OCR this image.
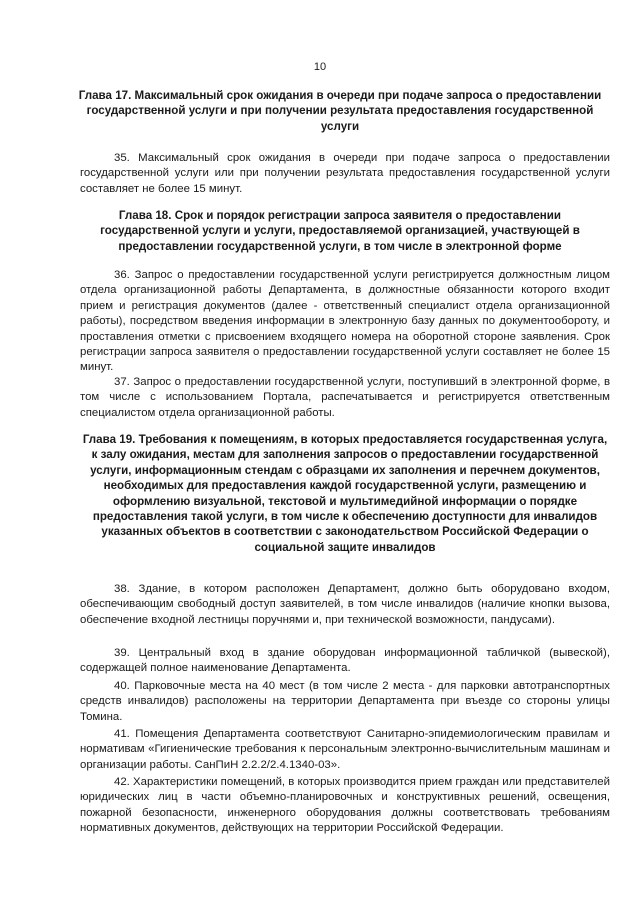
10
Глава 17. Максимальный срок ожидания в очереди при подаче запроса о предоставлении государственной услуги и при получении результата предоставления государственной услуги

35. Максимальный срок ожидания в очереди при подаче запроса о предоставлении государственной услуги или при получении результата предоставления государственной услуги составляет не более 15 минут.

Глава 18. Срок и порядок регистрации запроса заявителя о предоставлении государственной услуги и услуги, предоставляемой организацией, участвующей в предоставлении государственной услуги, в том числе в электронной форме

36. Запрос о предоставлении государственной услуги регистрируется должностным лицом отдела организационной работы Департамента, в должностные обязанности которого входит прием и регистрация документов (далее - ответственный специалист отдела организационной работы), посредством введения информации в электронную базу данных по документообороту, и проставления отметки с присвоением входящего номера на оборотной стороне заявления. Срок регистрации запроса заявителя о предоставлении государственной услуги составляет не более 15 минут.

37. Запрос о предоставлении государственной услуги, поступивший в электронной форме, в том числе с использованием Портала, распечатывается и регистрируется ответственным специалистом отдела организационной работы.

Глава 19. Требования к помещениям, в которых предоставляется государственная услуга, к залу ожидания, местам для заполнения запросов о предоставлении государственной услуги, информационным стендам с образцами их заполнения и перечнем документов, необходимых для предоставления каждой государственной услуги, размещению и оформлению визуальной, текстовой и мультимедийной информации о порядке предоставления такой услуги, в том числе к обеспечению доступности для инвалидов указанных объектов в соответствии с законодательством Российской Федерации о социальной защите инвалидов

38. Здание, в котором расположен Департамент, должно быть оборудовано входом, обеспечивающим свободный доступ заявителей, в том числе инвалидов (наличие кнопки вызова, обеспечение входной лестницы поручнями и, при технической возможности, пандусами).

39. Центральный вход в здание оборудован информационной табличкой (вывеской), содержащей полное наименование Департамента.

40. Парковочные места на 40 мест (в том числе 2 места - для парковки автотранспортных средств инвалидов) расположены на территории Департамента при въезде со стороны улицы Томина.

41. Помещения Департамента соответствуют Санитарно-эпидемиологическим правилам и нормативам «Гигиенические требования к персональным электронно-вычислительным машинам и организации работы. СанПиН 2.2.2/2.4.1340-03».

42. Характеристики помещений, в которых производится прием граждан или представителей юридических лиц в части объемно-планировочных и конструктивных решений, освещения, пожарной безопасности, инженерного оборудования должны соответствовать требованиям нормативных документов, действующих на территории Российской Федерации.
